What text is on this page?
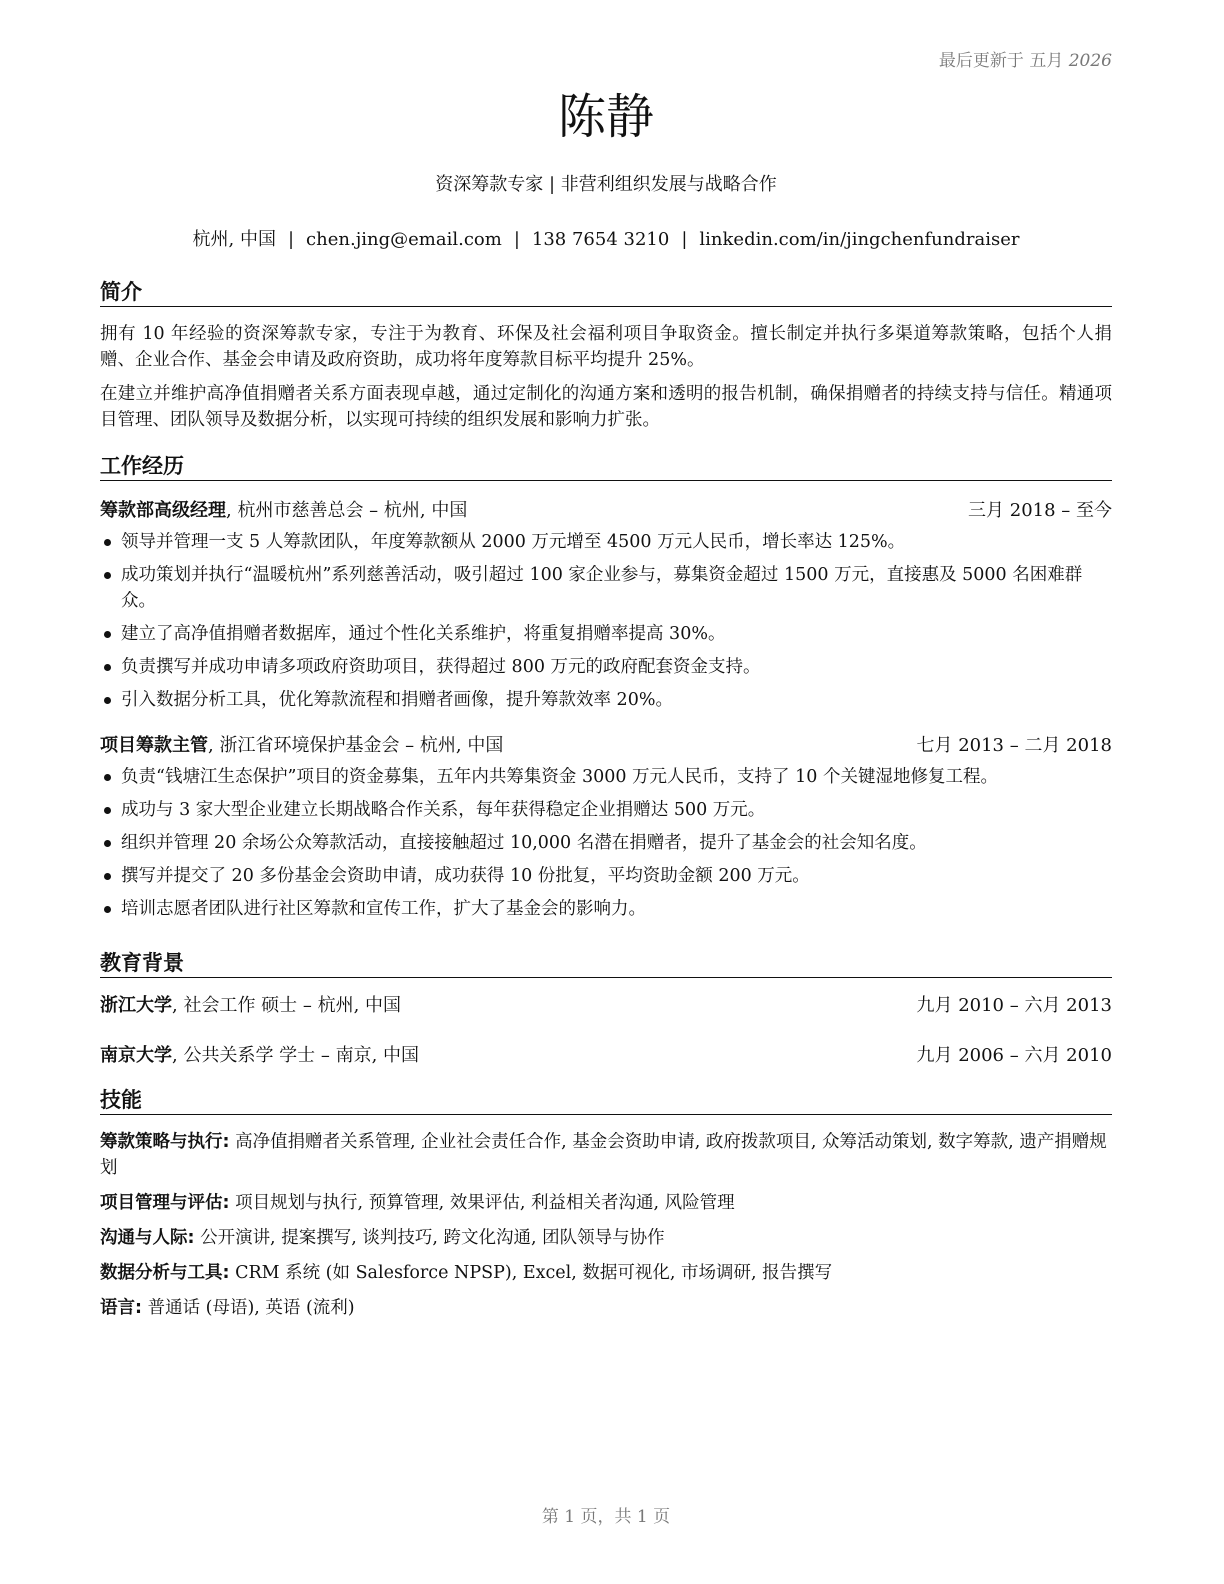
最后更新于 五月 2026
陈静
资深筹款专家 | 非营利组织发展与战略合作
杭州, 中国 | chen.jing@email.com | 138 7654 3210 | linkedin.com/in/jingchenfundraiser
简介

拥有 10 年经验的资深筹款专家，专注于为教育、环保及社会福利项目争取资金。擅长制定并执行多渠道筹款策略，包括个人捐赠、企业合作、基金会申请及政府资助，成功将年度筹款目标平均提升 25%。

在建立并维护高净值捐赠者关系方面表现卓越，通过定制化的沟通方案和透明的报告机制，确保捐赠者的持续支持与信任。精通项目管理、团队领导及数据分析，以实现可持续的组织发展和影响力扩张。

工作经历
筹款部高级经理, 杭州市慈善总会 – 杭州, 中国	三月 2018 – 至今
领导并管理一支 5 人筹款团队，年度筹款额从 2000 万元增至 4500 万元人民币，增长率达 125%。
成功策划并执行“温暖杭州”系列慈善活动，吸引超过 100 家企业参与，募集资金超过 1500 万元，直接惠及 5000 名困难群众。
建立了高净值捐赠者数据库，通过个性化关系维护，将重复捐赠率提高 30%。
负责撰写并成功申请多项政府资助项目，获得超过 800 万元的政府配套资金支持。
引入数据分析工具，优化筹款流程和捐赠者画像，提升筹款效率 20%。
项目筹款主管, 浙江省环境保护基金会 – 杭州, 中国	七月 2013 – 二月 2018
负责“钱塘江生态保护”项目的资金募集，五年内共筹集资金 3000 万元人民币，支持了 10 个关键湿地修复工程。
成功与 3 家大型企业建立长期战略合作关系，每年获得稳定企业捐赠达 500 万元。
组织并管理 20 余场公众筹款活动，直接接触超过 10,000 名潜在捐赠者，提升了基金会的社会知名度。
撰写并提交了 20 多份基金会资助申请，成功获得 10 份批复，平均资助金额 200 万元。
培训志愿者团队进行社区筹款和宣传工作，扩大了基金会的影响力。
教育背景
浙江大学, 社会工作 硕士 – 杭州, 中国	九月 2010 – 六月 2013
南京大学, 公共关系学 学士 – 南京, 中国	九月 2006 – 六月 2010
技能

筹款策略与执行: 高净值捐赠者关系管理, 企业社会责任合作, 基金会资助申请, 政府拨款项目, 众筹活动策划, 数字筹款, 遗产捐赠规划

项目管理与评估: 项目规划与执行, 预算管理, 效果评估, 利益相关者沟通, 风险管理

沟通与人际: 公开演讲, 提案撰写, 谈判技巧, 跨文化沟通, 团队领导与协作

数据分析与工具: CRM 系统 (如 Salesforce NPSP), Excel, 数据可视化, 市场调研, 报告撰写

语言: 普通话 (母语), 英语 (流利)

第 1 页，共 1 页
